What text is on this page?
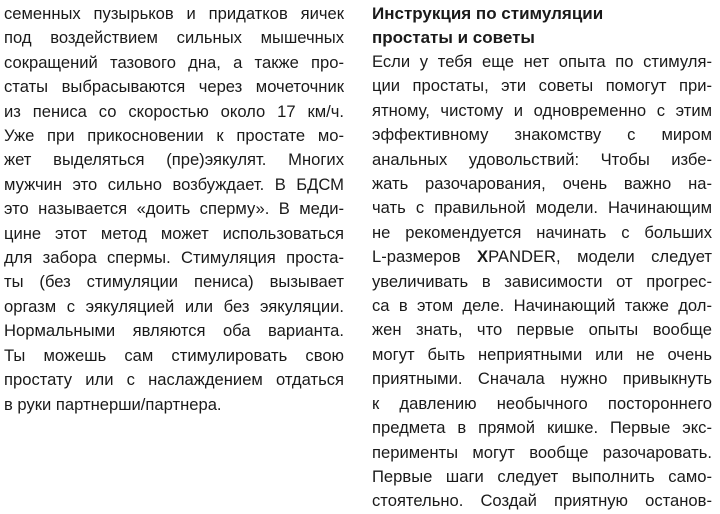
семенных пузырьков и придатков яичек
под воздействием сильных мышечных
сокращений тазового дна, а также про-
статы выбрасываются через мочеточник
из пениса со скоростью около 17 км/ч.
Уже при прикосновении к простате мо-
жет выделяться (пре)эякулят. Многих
мужчин это сильно возбуждает. В БДСМ
это называется «доить сперму». В меди-
цине этот метод может использоваться
для забора спермы. Стимуляция проста-
ты (без стимуляции пениса) вызывает
оргазм с эякуляцией или без эякуляции.
Нормальными являются оба варианта.
Ты можешь сам стимулировать свою
простату или с наслаждением отдаться
в руки партнерши/партнера.

Инструкция по стимуляции
простаты и советы

Если у тебя еще нет опыта по стимуля-
ции простаты, эти советы помогут при-
ятному, чистому и одновременно с этим
эффективному знакомству с миром
анальных удовольствий: Чтобы избе-
жать разочарования, очень важно на-
чать с правильной модели. Начинающим
не рекомендуется начинать с больших
L-размеров XPANDER, модели следует
увеличивать в зависимости от прогрес-
са в этом деле. Начинающий также дол-
жен знать, что первые опыты вообще
могут быть неприятными или не очень
приятными. Сначала нужно привыкнуть
к давлению необычного постороннего
предмета в прямой кишке. Первые экс-
перименты могут вообще разочаровать.
Первые шаги следует выполнить само-
стоятельно. Создай приятную останов-
